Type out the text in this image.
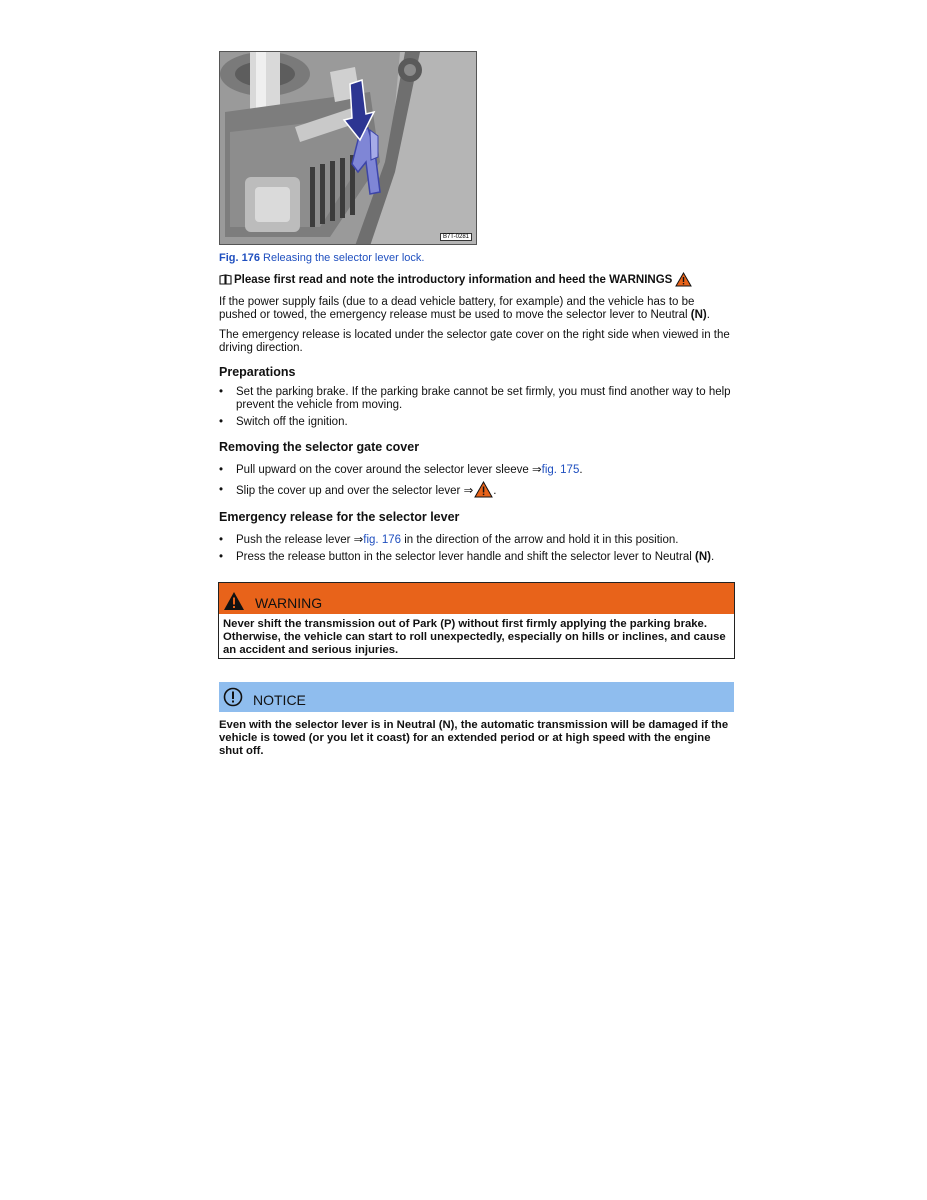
B7T-0281
Fig. 176 Releasing the selector lever lock.
Please first read and note the introductory information and heed the WARNINGS
If the power supply fails (due to a dead vehicle battery, for example) and the vehicle has to be pushed or towed, the emergency release must be used to move the selector lever to Neutral (N).
The emergency release is located under the selector gate cover on the right side when viewed in the driving direction.
Preparations
•	Set the parking brake. If the parking brake cannot be set firmly, you must find another way to help prevent the vehicle from moving.
•	Switch off the ignition.
Removing the selector gate cover
•	Pull upward on the cover around the selector lever sleeve ⇒fig. 175.
•	Slip the cover up and over the selector lever
⇒ .
Emergency release for the selector lever
•	Push the release lever ⇒fig. 176 in the direction of the arrow and hold it in this position.
•	Press the release button in the selector lever handle and shift the selector lever to Neutral (N).
WARNING
Never shift the transmission out of Park (P) without first firmly applying the parking brake. Otherwise, the vehicle can start to roll unexpectedly, especially on hills or inclines, and cause an accident and serious injuries.
NOTICE
Even with the selector lever is in Neutral (N), the automatic transmission will be damaged if the vehicle is towed (or you let it coast) for an extended period or at high speed with the engine shut off.
